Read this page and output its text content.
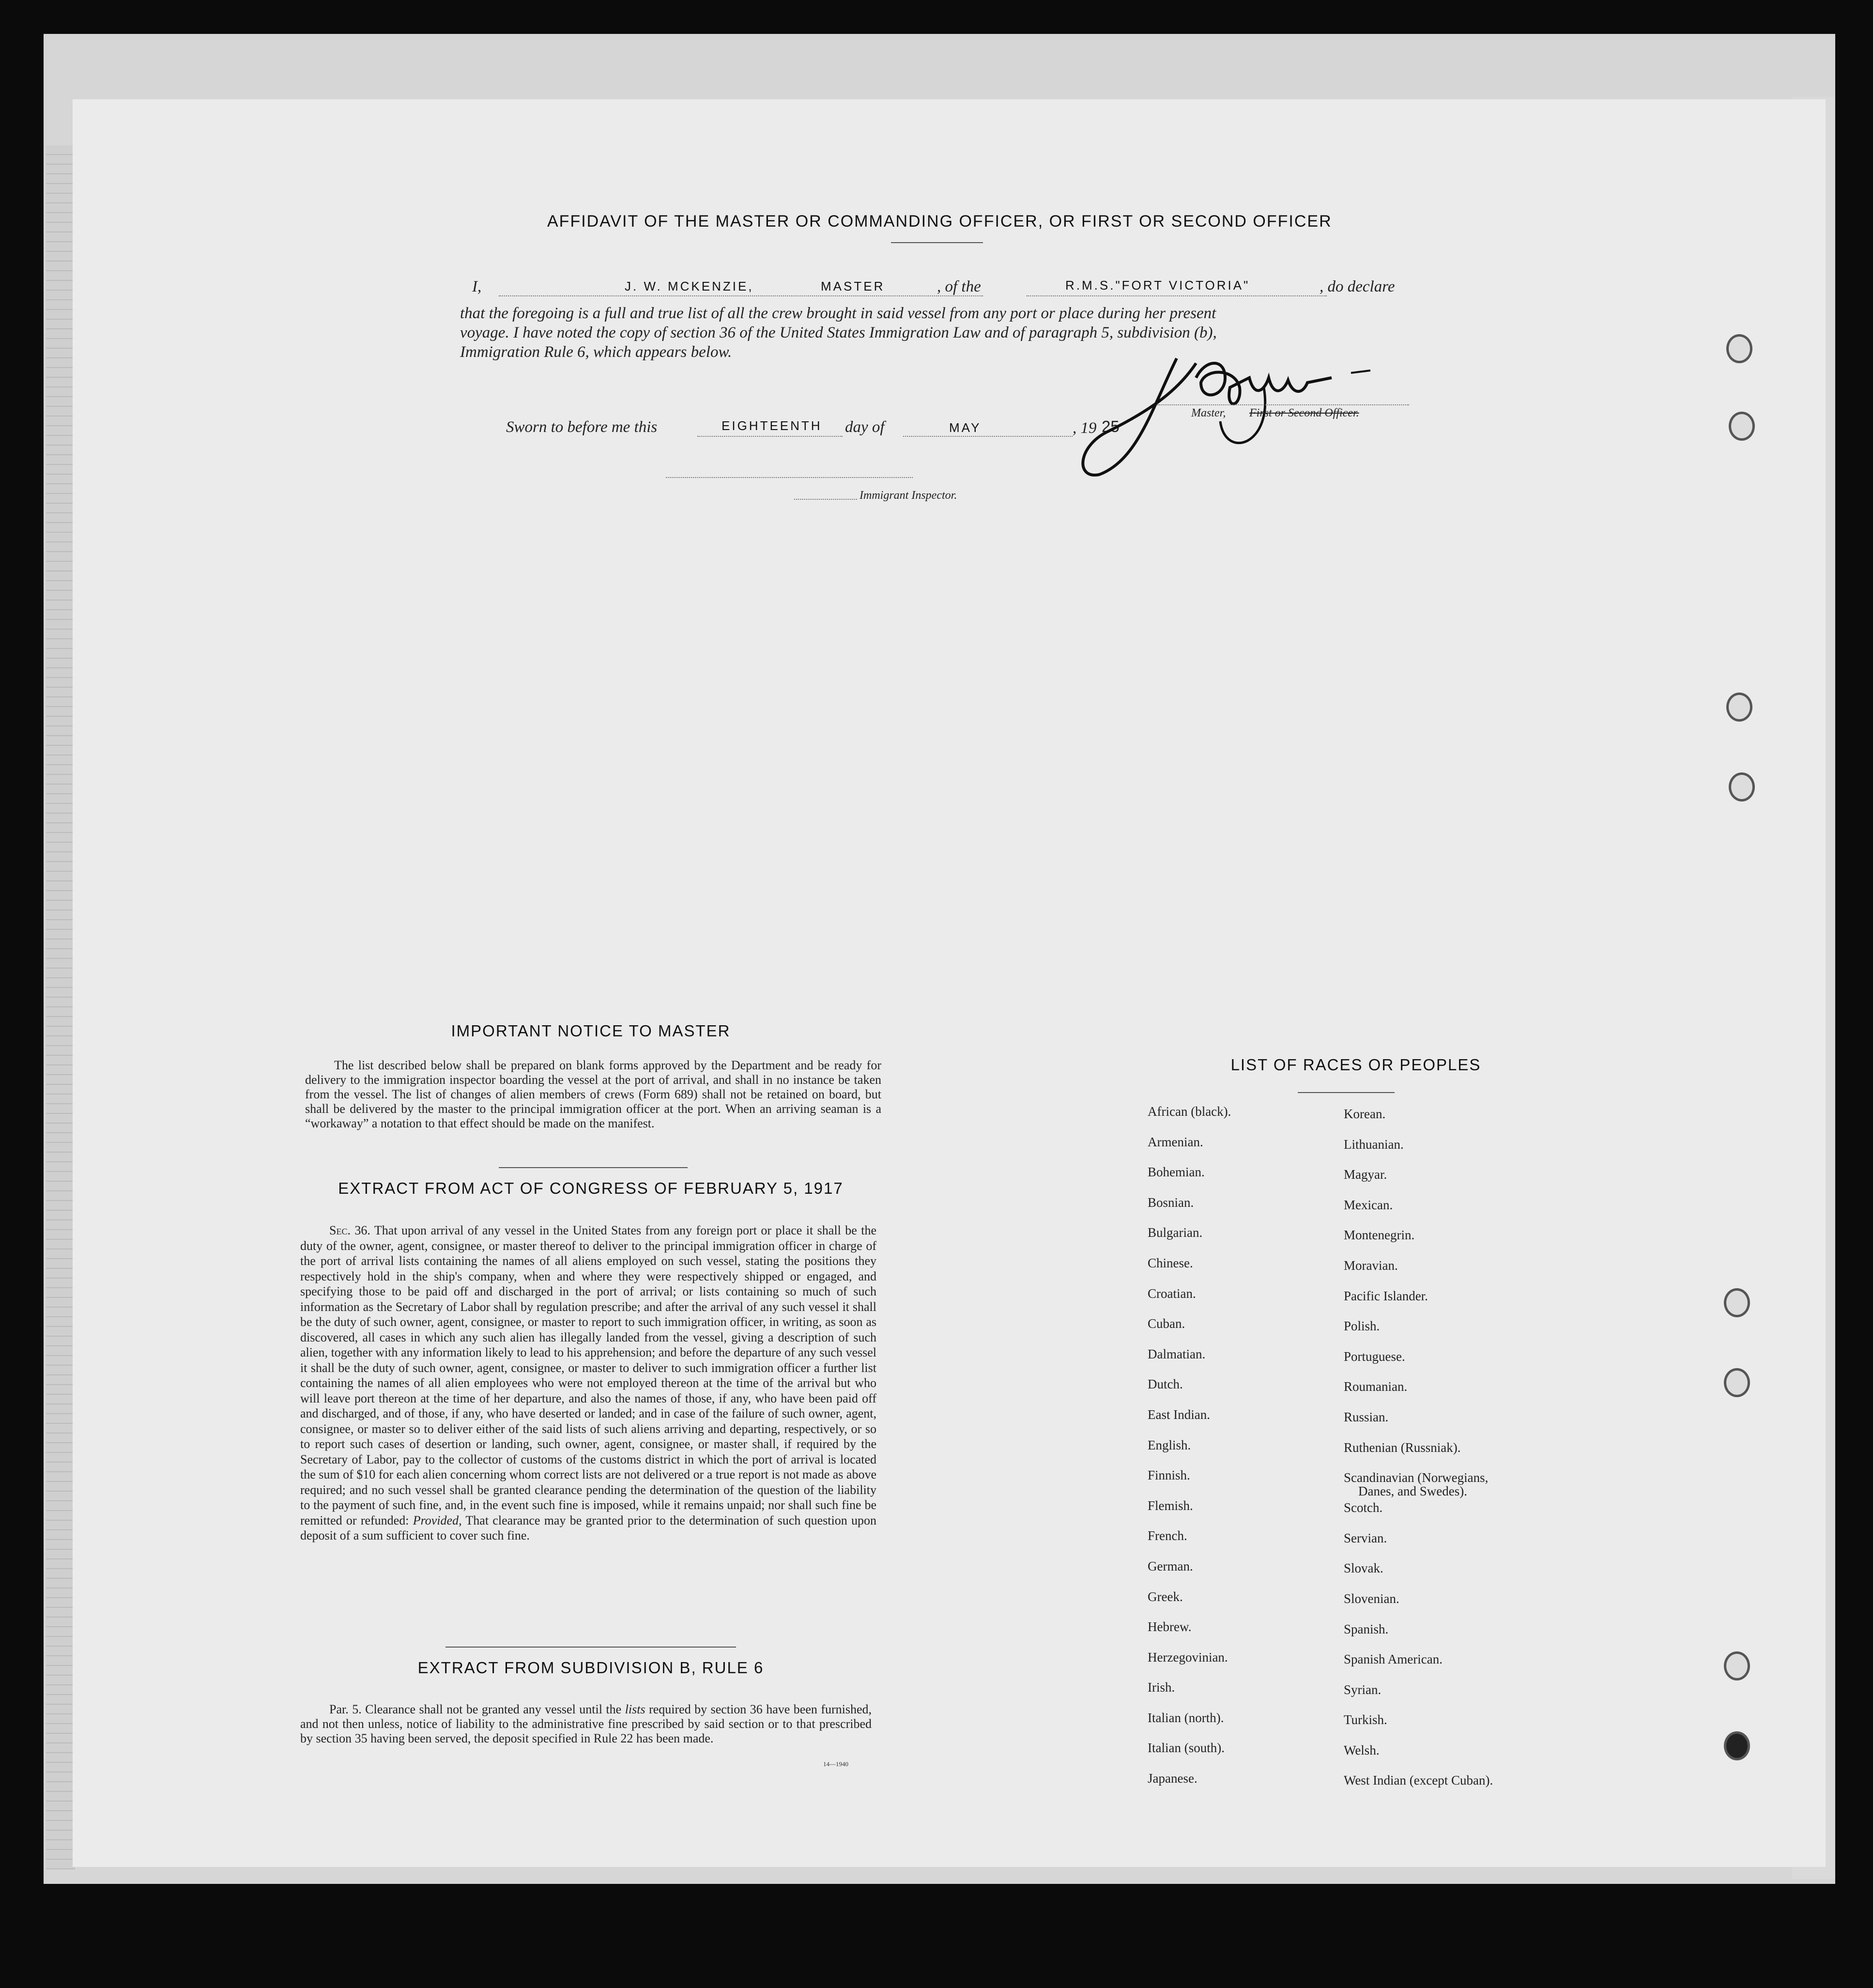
AFFIDAVIT OF THE MASTER OR COMMANDING OFFICER, OR FIRST OR SECOND OFFICER
I,	J. W. MCKENZIE,	MASTER	, of the	R.M.S."FORT VICTORIA"	, do declare
that the foregoing is a full and true list of all the crew brought in said vessel from any port or place during her present
voyage. I have noted the copy of section 36 of the United States Immigration Law and of paragraph 5, subdivision (b),
Immigration Rule 6, which appears below.
Sworn to before me this	EIGHTEENTH day of	MAY	, 19 25
Master, First or Second Officer.
Immigrant Inspector.
IMPORTANT NOTICE TO MASTER
The list described below shall be prepared on blank forms approved by the Department and be ready for delivery to the immigration inspector boarding the vessel at the port of arrival, and shall in no instance be taken from the vessel. The list of changes of alien members of crews (Form 689) shall not be retained on board, but shall be delivered by the master to the principal immigration officer at the port. When an arriving seaman is a “workaway” a notation to that effect should be made on the manifest.
EXTRACT FROM ACT OF CONGRESS OF FEBRUARY 5, 1917
Sec. 36. That upon arrival of any vessel in the United States from any foreign port or place it shall be the duty of the owner, agent, consignee, or master thereof to deliver to the principal immigration officer in charge of the port of arrival lists containing the names of all aliens employed on such vessel, stating the positions they respectively hold in the ship's company, when and where they were respectively shipped or engaged, and specifying those to be paid off and discharged in the port of arrival; or lists containing so much of such information as the Secretary of Labor shall by regulation prescribe; and after the arrival of any such vessel it shall be the duty of such owner, agent, consignee, or master to report to such immigration officer, in writing, as soon as discovered, all cases in which any such alien has illegally landed from the vessel, giving a description of such alien, together with any information likely to lead to his apprehension; and before the departure of any such vessel it shall be the duty of such owner, agent, consignee, or master to deliver to such immigration officer a further list containing the names of all alien employees who were not employed thereon at the time of the arrival but who will leave port thereon at the time of her departure, and also the names of those, if any, who have been paid off and discharged, and of those, if any, who have deserted or landed; and in case of the failure of such owner, agent, consignee, or master so to deliver either of the said lists of such aliens arriving and departing, respectively, or so to report such cases of desertion or landing, such owner, agent, consignee, or master shall, if required by the Secretary of Labor, pay to the collector of customs of the customs district in which the port of arrival is located the sum of $10 for each alien concerning whom correct lists are not delivered or a true report is not made as above required; and no such vessel shall be granted clearance pending the determination of the question of the liability to the payment of such fine, and, in the event such fine is imposed, while it remains unpaid; nor shall such fine be remitted or refunded: Provided, That clearance may be granted prior to the determination of such question upon deposit of a sum sufficient to cover such fine.
EXTRACT FROM SUBDIVISION B, RULE 6
Par. 5. Clearance shall not be granted any vessel until the lists required by section 36 have been furnished, and not then unless, notice of liability to the administrative fine prescribed by said section or to that prescribed by section 35 having been served, the deposit specified in Rule 22 has been made.
14—1940
LIST OF RACES OR PEOPLES
African (black).
Armenian.
Bohemian.
Bosnian.
Bulgarian.
Chinese.
Croatian.
Cuban.
Dalmatian.
Dutch.
East Indian.
English.
Finnish.
Flemish.
French.
German.
Greek.
Hebrew.
Herzegovinian.
Irish.
Italian (north).
Italian (south).
Japanese.
Korean.
Lithuanian.
Magyar.
Mexican.
Montenegrin.
Moravian.
Pacific Islander.
Polish.
Portuguese.
Roumanian.
Russian.
Ruthenian (Russniak).
Scandinavian (Norwegians,
Danes, and Swedes).
Scotch.
Servian.
Slovak.
Slovenian.
Spanish.
Spanish American.
Syrian.
Turkish.
Welsh.
West Indian (except Cuban).
